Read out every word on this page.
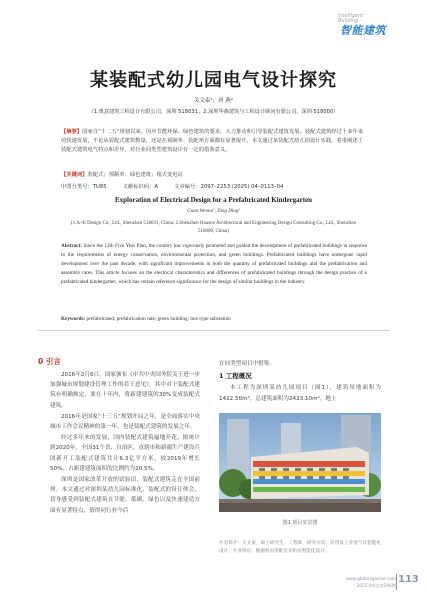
Intelligent
Building
智能建筑
某装配式幼儿园电气设计探究
关文泰¹，唐 燕²
（1.奥意建筑工程设计有限公司，深圳 518031；2.深圳华森建筑与工程设计顾问有限公司，深圳 518000）
【摘要】国家自“十二五”规划以来，因应节能环保、绿色建筑的要求，大力推动和引导装配式建筑发展。装配式建筑经过十多年来的快速发展，不论从装配式建筑数量，还是在预制率、装配率方面都有显著提升。本文通过某装配式幼儿园设计实践，着重阐述了装配式建筑电气特点和差异，对行业同类型建筑设计有一定的借鉴意义。
【关键词】装配式；预制率；绿色建筑；箱式变电站
中图分类号：TU85	文献标识码：A	文章编号：2097–2253 (2025) 04–0113–04
Exploration of Electrical Design for a Prefabricated Kindergarten
Guan Wentai¹, Tang Ding²
(1.A+E Design Co., Ltd., Shenzhen 518031, China; 2.Shenzhen Huasen Architectural and Engineering Design Consulting Co., Ltd., Shenzhen 518000, China)
Abstract: Since the 12th Five Year Plan, the country has vigorously promoted and guided the development of prefabricated buildings in response to the requirements of energy conservation, environmental protection, and green buildings. Prefabricated buildings have undergone rapid development over the past decade, with significant improvements in both the quantity of prefabricated buildings and the prefabrication and assembly rates. This article focuses on the electrical characteristics and differences of prefabricated buildings through the design practice of a prefabricated kindergarten, which has certain reference significance for the design of similar buildings in the industry.
Keywords: prefabricated; prefabrication rate; green building; box type substation
0 引言

2016年2月6日，国家颁布《中共中央国务院关于进一步加强城市规划建设管理工作的若干意见》，其中对于装配式建筑有明确规定，要在十年内，将新建建筑的30%变成装配式建筑。

2016年是国家“十三五”规划开局之年，是全面落实中央城市工作会议精神的第一年，也是装配式建筑的发展之年。

经过多年来的发展，国内装配式建筑遍地开花。据统计到2020年，全国31个省、自治区、直辖市和新疆生产建设兵团新开工装配式建筑共计6.3亿平方米，较2019年增长50%，占新建建筑面积的比例约为20.5%。

深圳是国家改革开放的试验田，装配式建筑走在全国前列。本文通过对深圳某幼儿园标准化、装配式的设计体会，切身感受到装配式建筑在节能、低碳、绿色以及快速建造方面有显著特点，值得同行业今后

在同类型项目中借鉴。

1 工程概况

本工程为深圳某幼儿园项目（图1），建筑用地面积为1422.50m²，总建筑面积为2423.10m²。地上

图1 项目实景图
作者简介：关文泰，硕士研究生，工程师，研究方向：民用及工业电气及智能化设计。专业特长：数据机房供配电及机房智能化设计。
www.gbdmagazine.com
2025.04/总第206期
113
